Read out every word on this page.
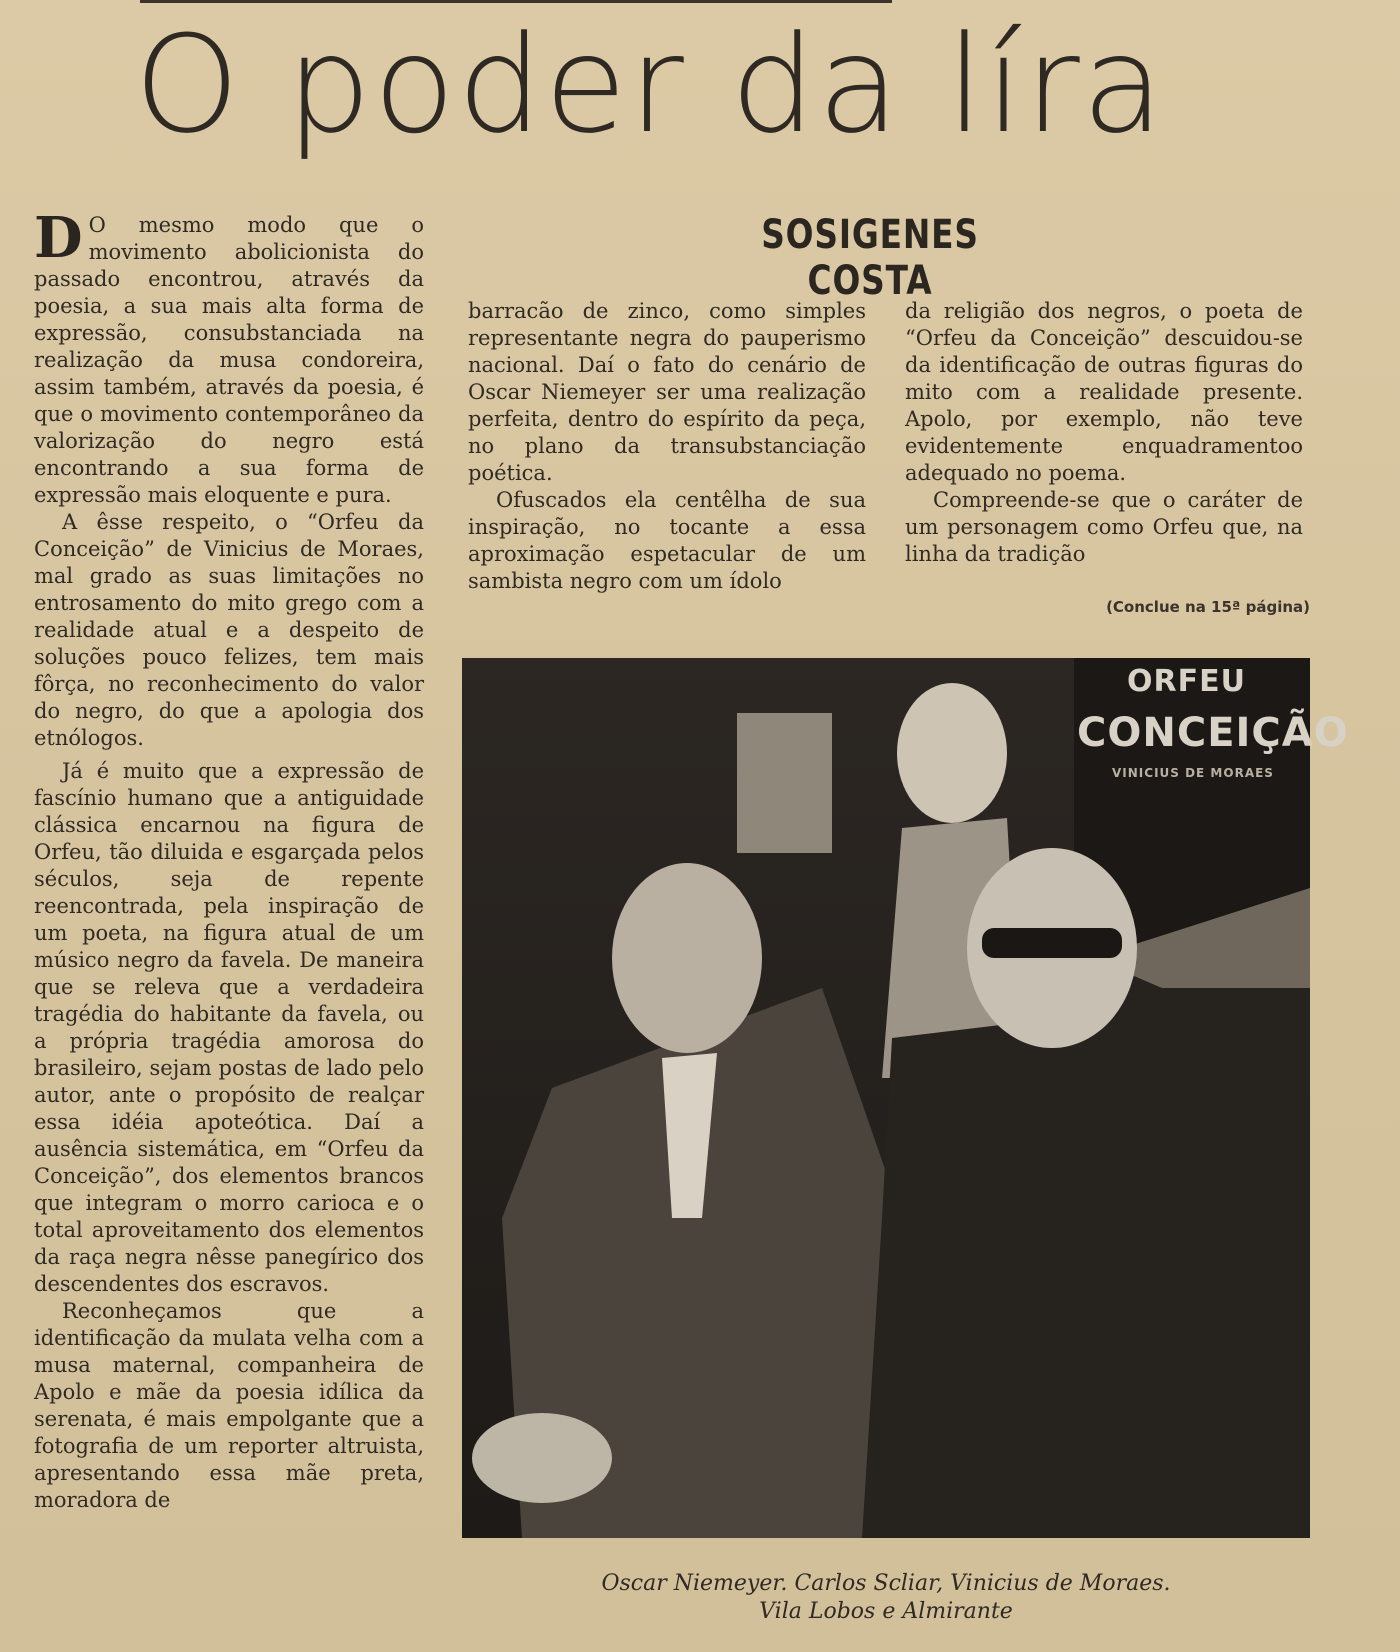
O poder da líra
SOSIGENES COSTA
D O mesmo modo que o movimento abolicionista do passado encontrou, através da poesia, a sua mais alta forma de expressão, consubstanciada na realização da musa condoreira, assim também, através da poesia, é que o movimento contemporâneo da valorização do negro está encontrando a sua forma de expressão mais eloquente e pura.

A êsse respeito, o “Orfeu da Conceição” de Vinicius de Moraes, mal grado as suas limitações no entrosamento do mito grego com a realidade atual e a despeito de soluções pouco felizes, tem mais fôrça, no reconhecimento do valor do negro, do que a apologia dos etnólogos.

Já é muito que a expressão de fascínio humano que a antiguidade clássica encarnou na figura de Orfeu, tão diluida e esgarçada pelos séculos, seja de repente reencontrada, pela inspiração de um poeta, na figura atual de um músico negro da favela. De maneira que se releva que a verdadeira tragédia do habitante da favela, ou a própria tragédia amorosa do brasileiro, sejam postas de lado pelo autor, ante o propósito de realçar essa idéia apoteótica. Daí a ausência sistemática, em “Orfeu da Conceição”, dos elementos brancos que integram o morro carioca e o total aproveitamento dos elementos da raça negra nêsse panegírico dos descendentes dos escravos.

Reconheçamos que a identificação da mulata velha com a musa maternal, companheira de Apolo e mãe da poesia idílica da serenata, é mais empolgante que a fotografia de um reporter altruista, apresentando essa mãe preta, moradora de

barracão de zinco, como simples representante negra do pauperismo nacional. Daí o fato do cenário de Oscar Niemeyer ser uma realização perfeita, dentro do espírito da peça, no plano da transubstanciação poética.

Ofuscados ela centêlha de sua inspiração, no tocante a essa aproximação espetacular de um sambista negro com um ídolo

da religião dos negros, o poeta de “Orfeu da Conceição” descuidou-se da identificação de outras figuras do mito com a realidade presente. Apolo, por exemplo, não teve evidentemente enquadramentoo adequado no poema.

Compreende-se que o caráter de um personagem como Orfeu que, na linha da tradição

(Conclue na 15ª página)
ORFEU
CONCEIÇÃO
VINICIUS DE MORAES
Oscar Niemeyer. Carlos Scliar, Vinicius de Moraes.
Vila Lobos e Almirante
